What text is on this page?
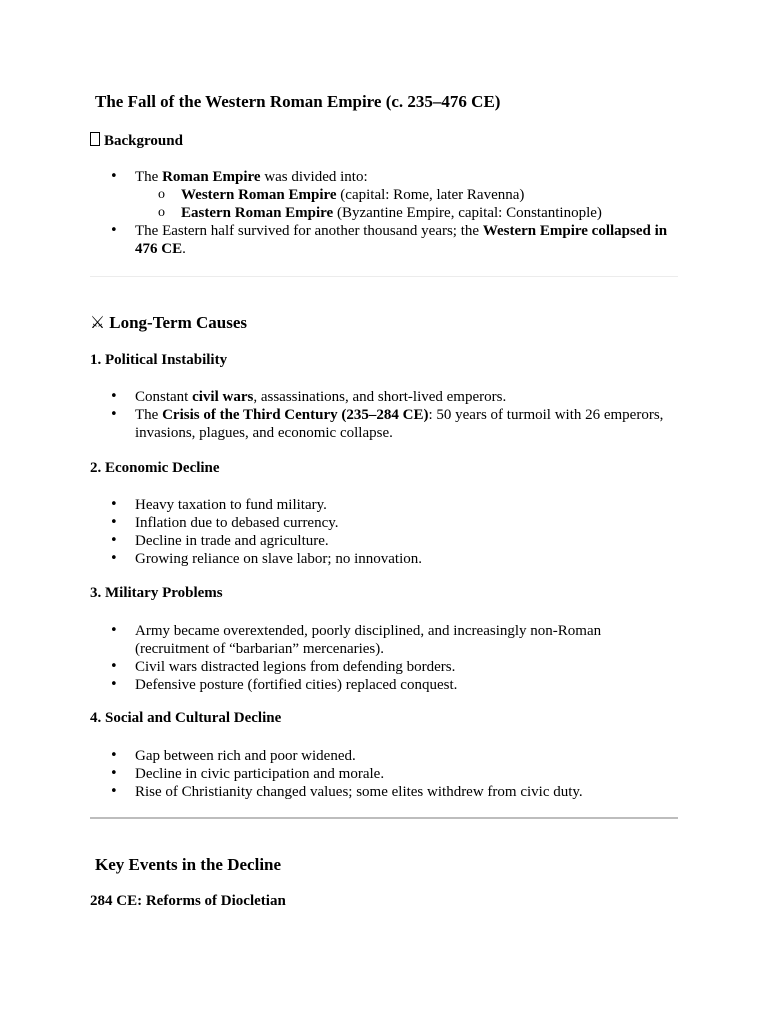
The Fall of the Western Roman Empire (c. 235–476 CE)

Background

• The Roman Empire was divided into:
o Western Roman Empire (capital: Rome, later Ravenna)
o Eastern Roman Empire (Byzantine Empire, capital: Constantinople)
• The Eastern half survived for another thousand years; the Western Empire collapsed in 476 CE.

⚔ Long-Term Causes

1. Political Instability

• Constant civil wars, assassinations, and short-lived emperors.
• The Crisis of the Third Century (235–284 CE): 50 years of turmoil with 26 emperors, invasions, plagues, and economic collapse.

2. Economic Decline

• Heavy taxation to fund military.
• Inflation due to debased currency.
• Decline in trade and agriculture.
• Growing reliance on slave labor; no innovation.

3. Military Problems

• Army became overextended, poorly disciplined, and increasingly non-Roman (recruitment of “barbarian” mercenaries).
• Civil wars distracted legions from defending borders.
• Defensive posture (fortified cities) replaced conquest.

4. Social and Cultural Decline

• Gap between rich and poor widened.
• Decline in civic participation and morale.
• Rise of Christianity changed values; some elites withdrew from civic duty.

Key Events in the Decline

284 CE: Reforms of Diocletian
